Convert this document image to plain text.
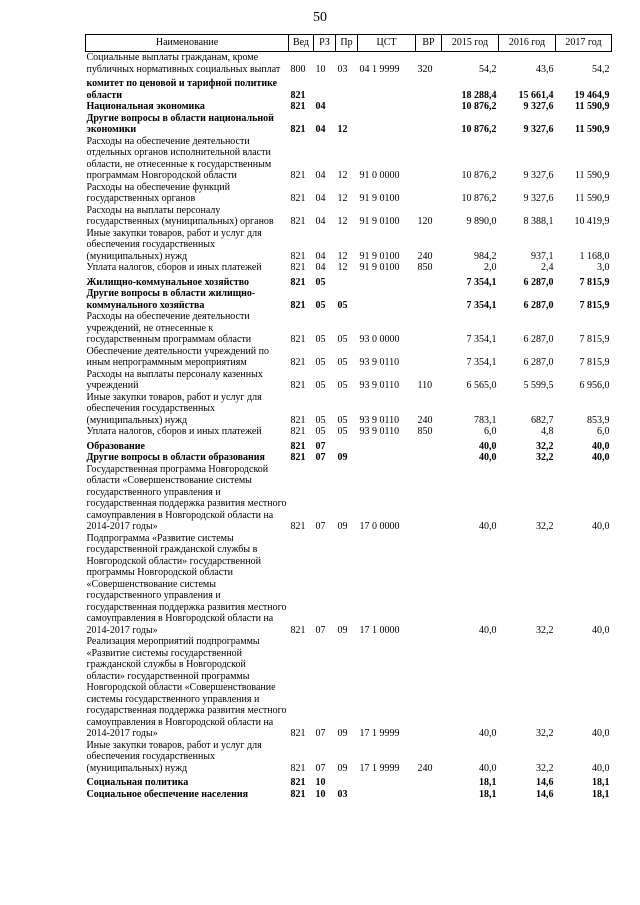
50
Наименование	Вед	РЗ	Пр	ЦСТ	ВР	2015 год	2016 год	2017 год
Социальные выплаты гражданам, кроме публичных нормативных социальных выплат	800	10	03	04 1 9999	320	54,2	43,6	54,2
комитет по ценовой и тарифной политике области	821					18 288,4	15 661,4	19 464,9
Национальная экономика	821	04				10 876,2	9 327,6	11 590,9
Другие вопросы в области национальной экономики	821	04	12			10 876,2	9 327,6	11 590,9
Расходы на обеспечение деятельности отдельных органов исполнительной власти области, не отнесенные к государственным программам Новгородской области	821	04	12	91 0 0000		10 876,2	9 327,6	11 590,9
Расходы на обеспечение функций государственных органов	821	04	12	91 9 0100		10 876,2	9 327,6	11 590,9
Расходы на выплаты персоналу государственных (муниципальных) органов	821	04	12	91 9 0100	120	9 890,0	8 388,1	10 419,9
Иные закупки товаров, работ и услуг для обеспечения государственных (муниципальных) нужд	821	04	12	91 9 0100	240	984,2	937,1	1 168,0
Уплата налогов, сборов и иных платежей	821	04	12	91 9 0100	850	2,0	2,4	3,0
Жилищно-коммунальное хозяйство	821	05				7 354,1	6 287,0	7 815,9
Другие вопросы в области жилищно-коммунального хозяйства	821	05	05			7 354,1	6 287,0	7 815,9
Расходы на обеспечение деятельности учреждений, не отнесенные к государственным программам области	821	05	05	93 0 0000		7 354,1	6 287,0	7 815,9
Обеспечение деятельности учреждений по иным непрограммным мероприятиям	821	05	05	93 9 0110		7 354,1	6 287,0	7 815,9
Расходы на выплаты персоналу казенных учреждений	821	05	05	93 9 0110	110	6 565,0	5 599,5	6 956,0
Иные закупки товаров, работ и услуг для обеспечения государственных (муниципальных) нужд	821	05	05	93 9 0110	240	783,1	682,7	853,9
Уплата налогов, сборов и иных платежей	821	05	05	93 9 0110	850	6,0	4,8	6,0
Образование	821	07				40,0	32,2	40,0
Другие вопросы в области образования	821	07	09			40,0	32,2	40,0
Государственная программа Новгородской области «Совершенствование системы государственного управления и государственная поддержка развития местного самоуправления в Новгородской области на 2014-2017 годы»	821	07	09	17 0 0000		40,0	32,2	40,0
Подпрограмма «Развитие системы государственной гражданской службы в Новгородской области» государственной программы Новгородской области «Совершенствование системы государственного управления и государственная поддержка развития местного самоуправления в Новгородской области на 2014-2017 годы»	821	07	09	17 1 0000		40,0	32,2	40,0
Реализация мероприятий подпрограммы «Развитие системы государственной гражданской службы в Новгородской области» государственной программы Новгородской области «Совершенствование системы государственного управления и государственная поддержка развития местного самоуправления в Новгородской области на 2014-2017 годы»	821	07	09	17 1 9999		40,0	32,2	40,0
Иные закупки товаров, работ и услуг для обеспечения государственных (муниципальных) нужд	821	07	09	17 1 9999	240	40,0	32,2	40,0
Социальная политика	821	10				18,1	14,6	18,1
Социальное обеспечение населения	821	10	03			18,1	14,6	18,1
